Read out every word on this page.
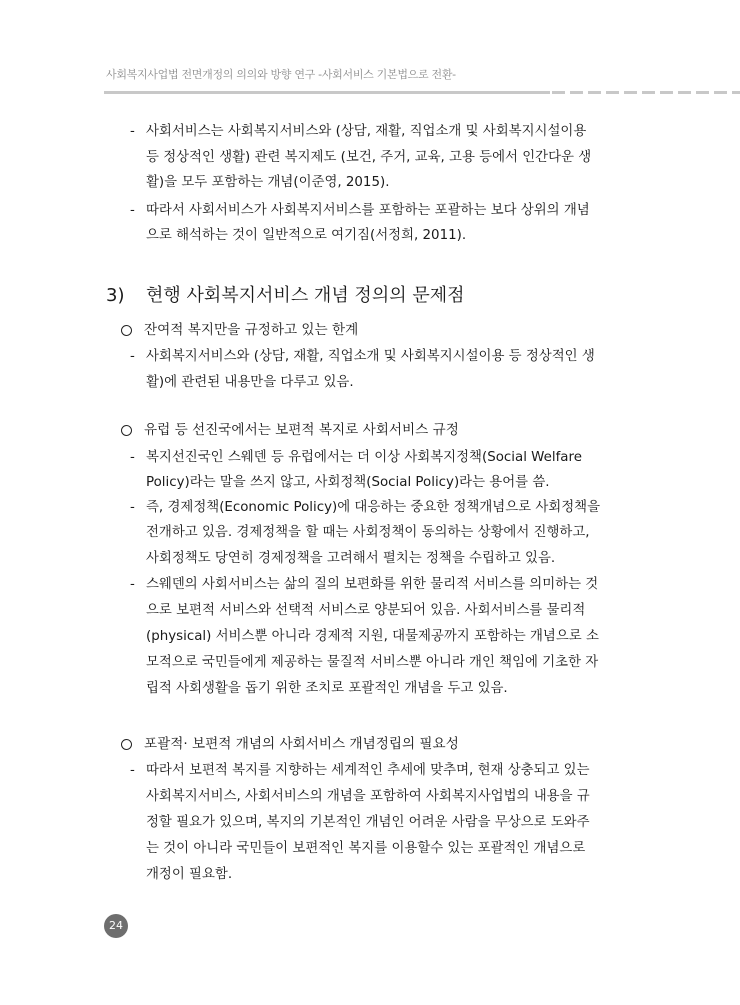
사회복지사업법 전면개정의 의의와 방향 연구 -사회서비스 기본법으로 전환-
- 사회서비스는 사회복지서비스와 (상담, 재활, 직업소개 및 사회복지시설이용
등 정상적인 생활) 관련 복지제도 (보건, 주거, 교육, 고용 등에서 인간다운 생
활)을 모두 포함하는 개념(이준영, 2015).
- 따라서 사회서비스가 사회복지서비스를 포함하는 포괄하는 보다 상위의 개념
으로 해석하는 것이 일반적으로 여기짐(서정희, 2011).
잔여적 복지만을 규정하고 있는 한계
- 사회복지서비스와 (상담, 재활, 직업소개 및 사회복지시설이용 등 정상적인 생
활)에 관련된 내용만을 다루고 있음.
유럽 등 선진국에서는 보편적 복지로 사회서비스 규정
- 복지선진국인 스웨덴 등 유럽에서는 더 이상 사회복지정책(Social Welfare
Policy)라는 말을 쓰지 않고, 사회정책(Social Policy)라는 용어를 씀.
- 즉, 경제정책(Economic Policy)에 대응하는 중요한 정책개념으로 사회정책을
전개하고 있음. 경제정책을 할 때는 사회정책이 동의하는 상황에서 진행하고,
사회정책도 당연히 경제정책을 고려해서 펼치는 정책을 수립하고 있음.
- 스웨덴의 사회서비스는 삶의 질의 보편화를 위한 물리적 서비스를 의미하는 것
으로 보편적 서비스와 선택적 서비스로 양분되어 있음. 사회서비스를 물리적
(physical) 서비스뿐 아니라 경제적 지원, 대물제공까지 포함하는 개념으로 소
모적으로 국민들에게 제공하는 물질적 서비스뿐 아니라 개인 책임에 기초한 자
립적 사회생활을 돕기 위한 조치로 포괄적인 개념을 두고 있음.
포괄적· 보편적 개념의 사회서비스 개념정립의 필요성
- 따라서 보편적 복지를 지향하는 세계적인 추세에 맞추며, 현재 상충되고 있는
사회복지서비스, 사회서비스의 개념을 포함하여 사회복지사업법의 내용을 규
정할 필요가 있으며, 복지의 기본적인 개념인 어려운 사람을 무상으로 도와주
는 것이 아니라 국민들이 보편적인 복지를 이용할수 있는 포괄적인 개념으로
개정이 필요함.
3) 현행 사회복지서비스 개념 정의의 문제점
24
